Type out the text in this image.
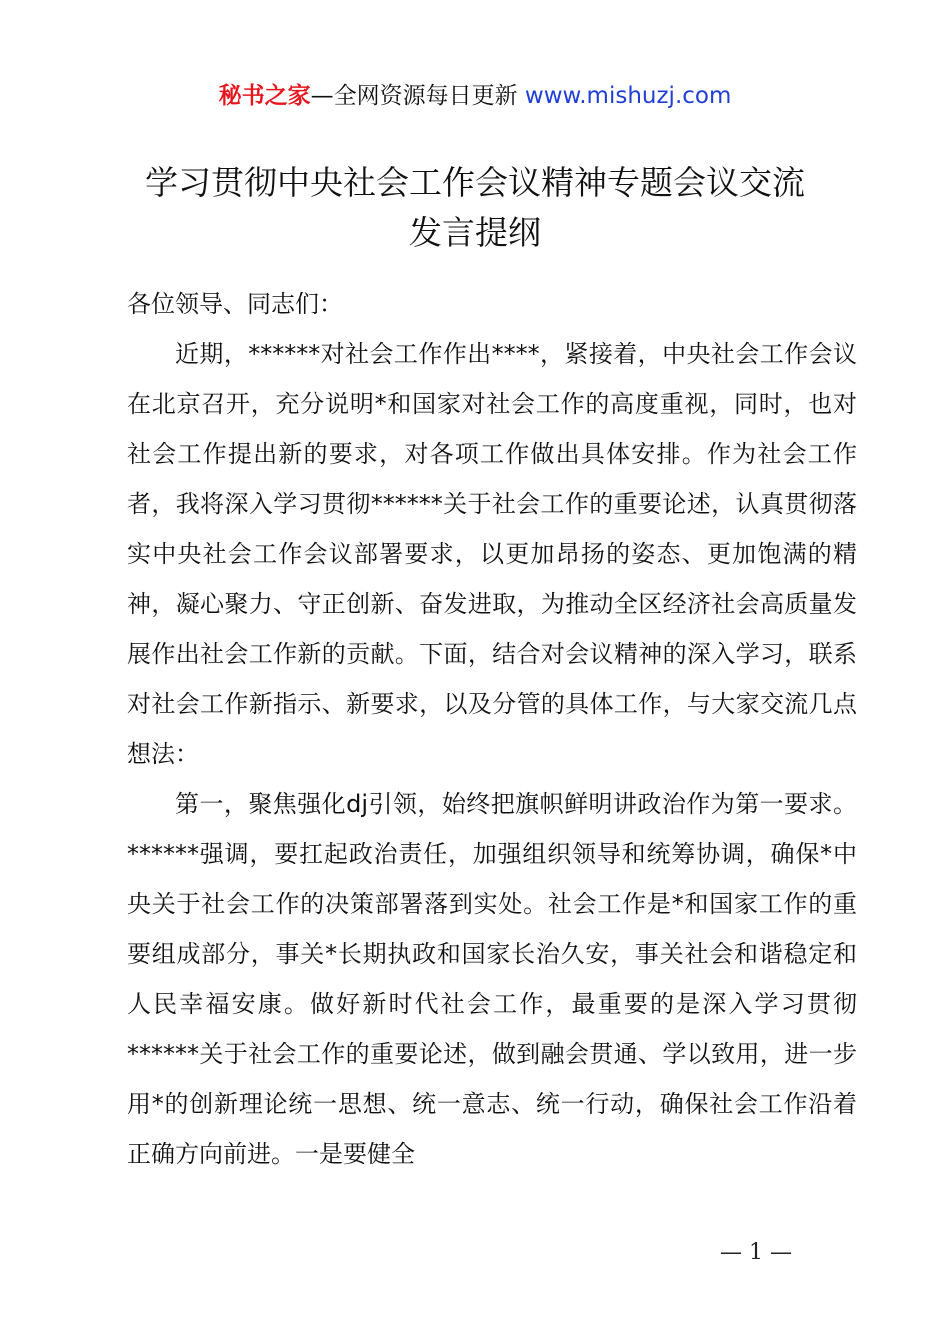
秘书之家—全网资源每日更新 www.mishuzj.com
学习贯彻中央社会工作会议精神专题会议交流
发言提纲
各位领导、同志们：
近期，******对社会工作作出****，紧接着，中央社会工作会议在北京召开，充分说明*和国家对社会工作的高度重视，同时，也对社会工作提出新的要求，对各项工作做出具体安排。作为社会工作者，我将深入学习贯彻******关于社会工作的重要论述，认真贯彻落实中央社会工作会议部署要求，以更加昂扬的姿态、更加饱满的精神，凝心聚力、守正创新、奋发进取，为推动全区经济社会高质量发展作出社会工作新的贡献。下面，结合对会议精神的深入学习，联系对社会工作新指示、新要求，以及分管的具体工作，与大家交流几点想法：
第一，聚焦强化dj引领，始终把旗帜鲜明讲政治作为第一要求。******强调，要扛起政治责任，加强组织领导和统筹协调，确保*中央关于社会工作的决策部署落到实处。社会工作是*和国家工作的重要组成部分，事关*长期执政和国家长治久安，事关社会和谐稳定和人民幸福安康。做好新时代社会工作，最重要的是深入学习贯彻******关于社会工作的重要论述，做到融会贯通、学以致用，进一步用*的创新理论统一思想、统一意志、统一行动，确保社会工作沿着正确方向前进。一是要健全
— 1 —
